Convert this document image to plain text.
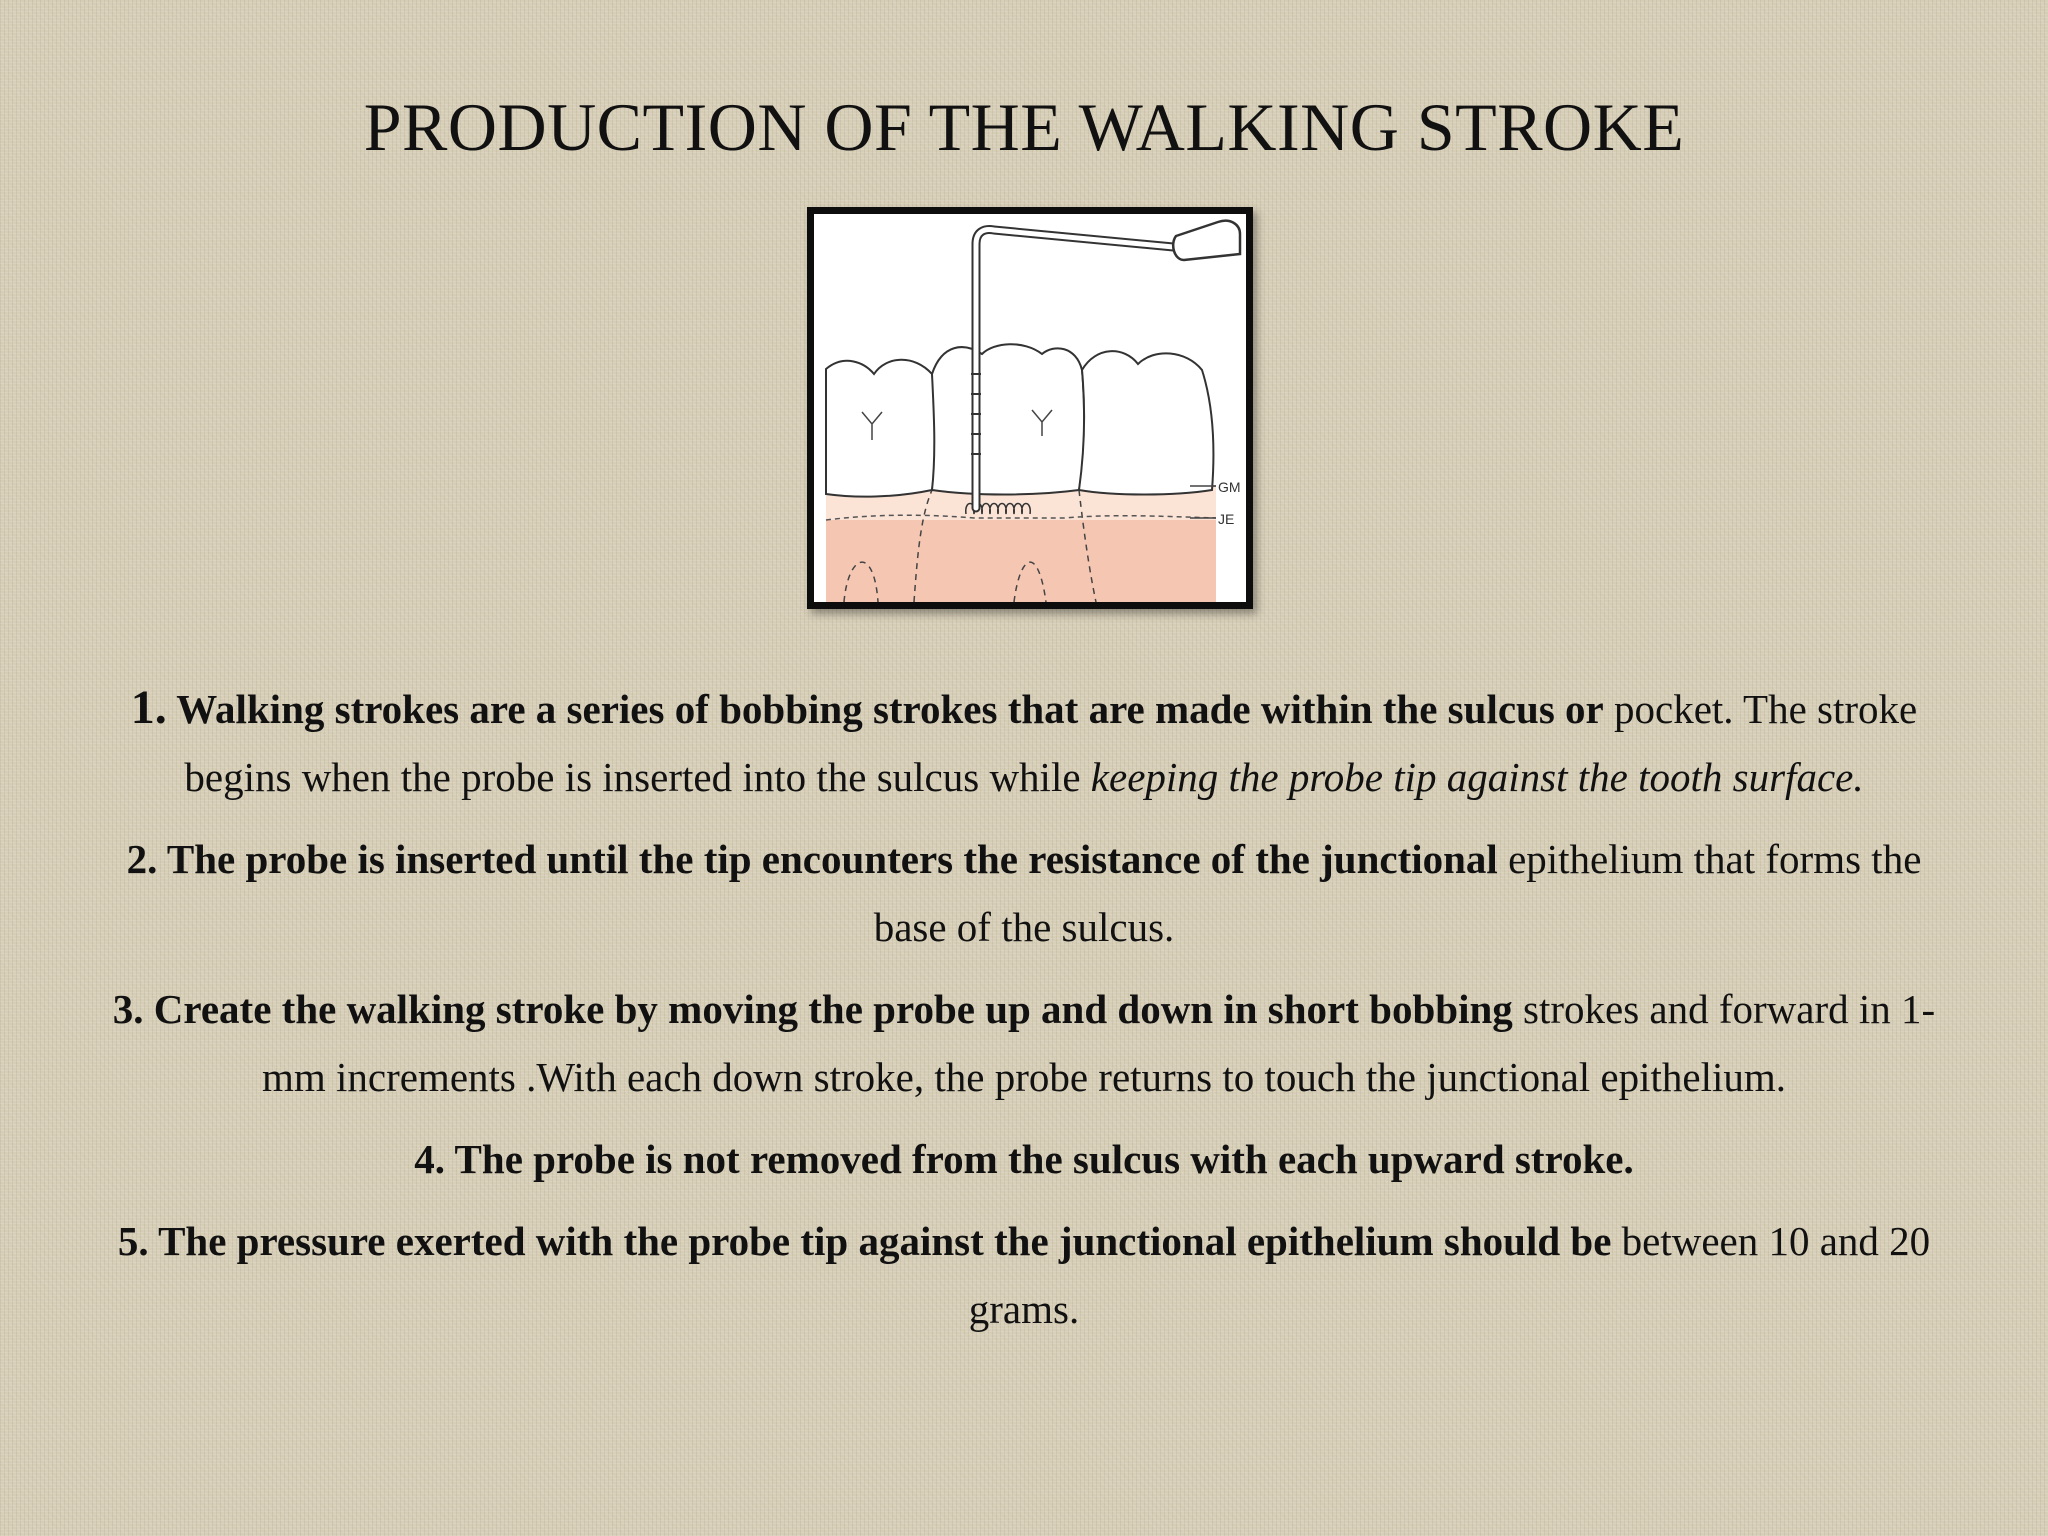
PRODUCTION OF THE WALKING STROKE
GM
JE

1. Walking strokes are a series of bobbing strokes that are made within the sulcus or pocket. The stroke begins when the probe is inserted into the sulcus while keeping the probe tip against the tooth surface.

2. The probe is inserted until the tip encounters the resistance of the junctional epithelium that forms the base of the sulcus.

3. Create the walking stroke by moving the probe up and down in short bobbing strokes and forward in 1-mm increments .With each down stroke, the probe returns to touch the junctional epithelium.

4. The probe is not removed from the sulcus with each upward stroke.

5. The pressure exerted with the probe tip against the junctional epithelium should be between 10 and 20 grams.
